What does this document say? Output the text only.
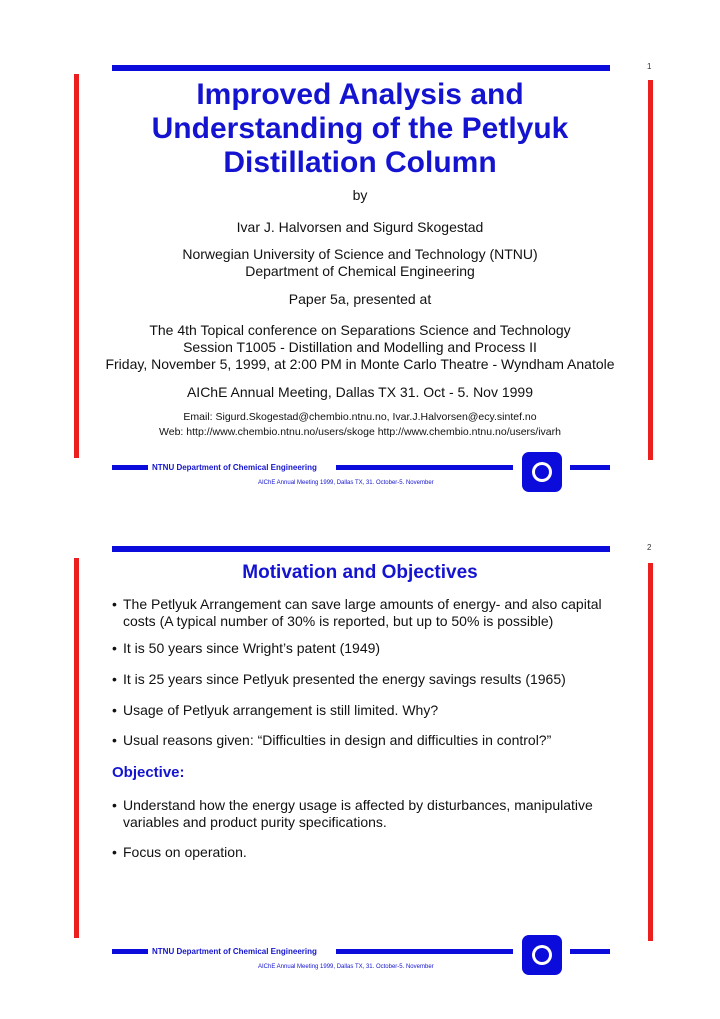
1
Improved Analysis and
Understanding of the Petlyuk
Distillation Column
by
Ivar J. Halvorsen and Sigurd Skogestad
Norwegian University of Science and Technology (NTNU)
Department of Chemical Engineering
Paper 5a, presented at
The 4th Topical conference on Separations Science and Technology
Session T1005 - Distillation and Modelling and Process II
Friday, November 5, 1999, at 2:00 PM in Monte Carlo Theatre - Wyndham Anatole
AIChE Annual Meeting, Dallas TX 31. Oct - 5. Nov 1999
Email: Sigurd.Skogestad@chembio.ntnu.no, Ivar.J.Halvorsen@ecy.sintef.no
Web: http://www.chembio.ntnu.no/users/skoge http://www.chembio.ntnu.no/users/ivarh
NTNU Department of Chemical Engineering
AIChE Annual Meeting 1999, Dallas TX, 31. October-5. November
2
Motivation and Objectives
• The Petlyuk Arrangement can save large amounts of energy- and also capital
costs (A typical number of 30% is reported, but up to 50% is possible)
• It is 50 years since Wright’s patent (1949)
• It is 25 years since Petlyuk presented the energy savings results (1965)
• Usage of Petlyuk arrangement is still limited. Why?
• Usual reasons given: “Difficulties in design and difficulties in control?”
Objective:
• Understand how the energy usage is affected by disturbances, manipulative
variables and product purity specifications.
• Focus on operation.
NTNU Department of Chemical Engineering
AIChE Annual Meeting 1999, Dallas TX, 31. October-5. November
